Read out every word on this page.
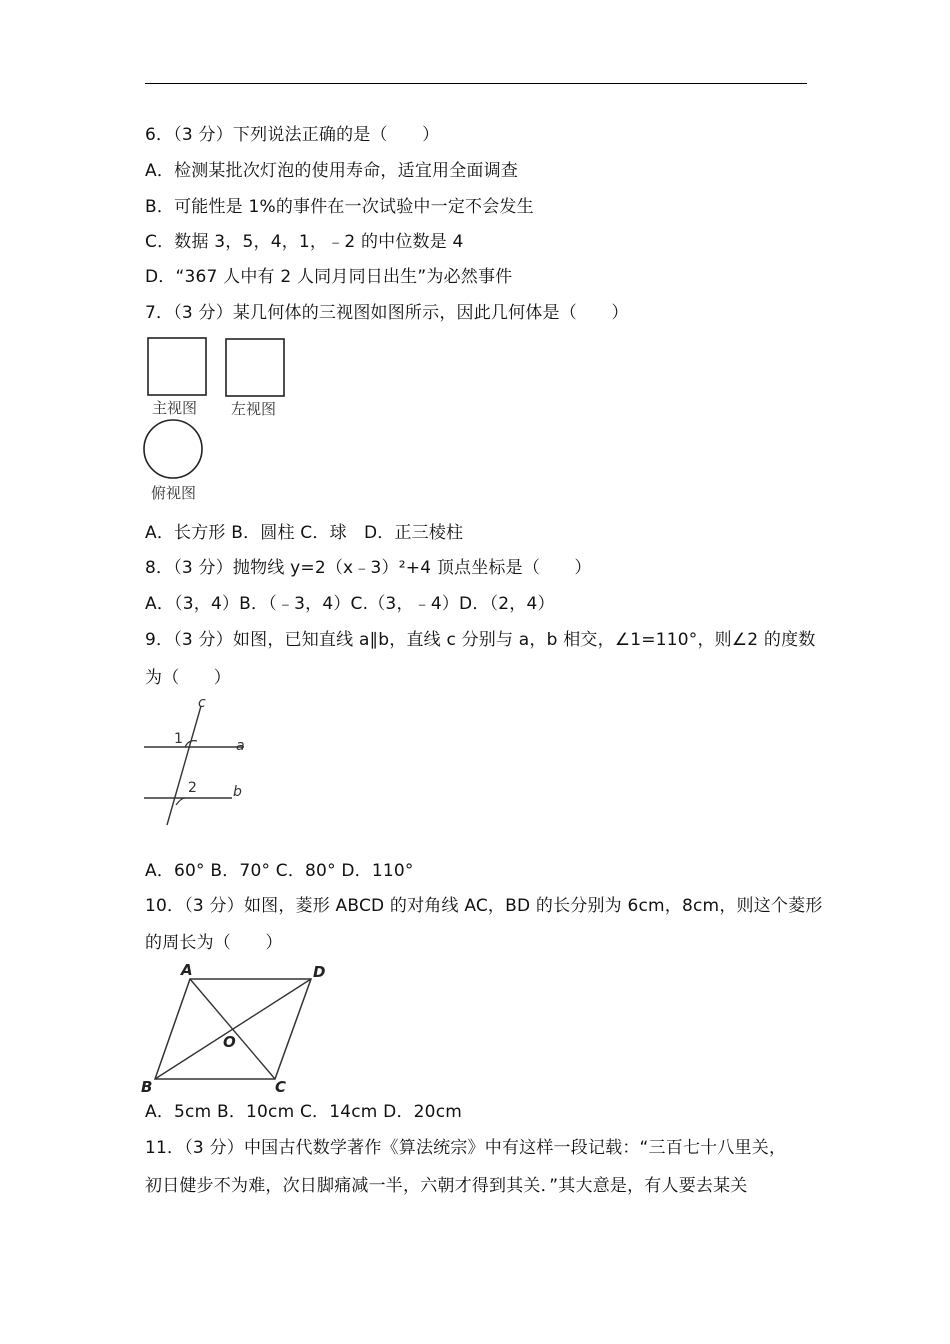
6．（3 分）下列说法正确的是（　　）
A．检测某批次灯泡的使用寿命，适宜用全面调查
B．可能性是 1%的事件在一次试验中一定不会发生
C．数据 3，5，4，1，﹣2 的中位数是 4
D．“367 人中有 2 人同月同日出生”为必然事件
7．（3 分）某几何体的三视图如图所示，因此几何体是（　　）
主视图 左视图
俯视图
A．长方形 B．圆柱 C．球　D．正三棱柱
8．（3 分）抛物线 y=2（x﹣3）²+4 顶点坐标是（　　）
A．（3，4）B．（﹣3，4）C.（3，﹣4）D．（2，4）
9．（3 分）如图，已知直线 a∥b，直线 c 分别与 a，b 相交，∠1=110°，则∠2 的度数
为（　　）
c
a
b
1
2
A．60° B．70° C．80° D．110°
10．（3 分）如图，菱形 ABCD 的对角线 AC，BD 的长分别为 6cm，8cm，则这个菱形
的周长为（　　）
A	D
B	C
O
A．5cm B．10cm C．14cm D．20cm
11．（3 分）中国古代数学著作《算法统宗》中有这样一段记载：“三百七十八里关，
初日健步不为难，次日脚痛减一半，六朝才得到其关．”其大意是，有人要去某关
